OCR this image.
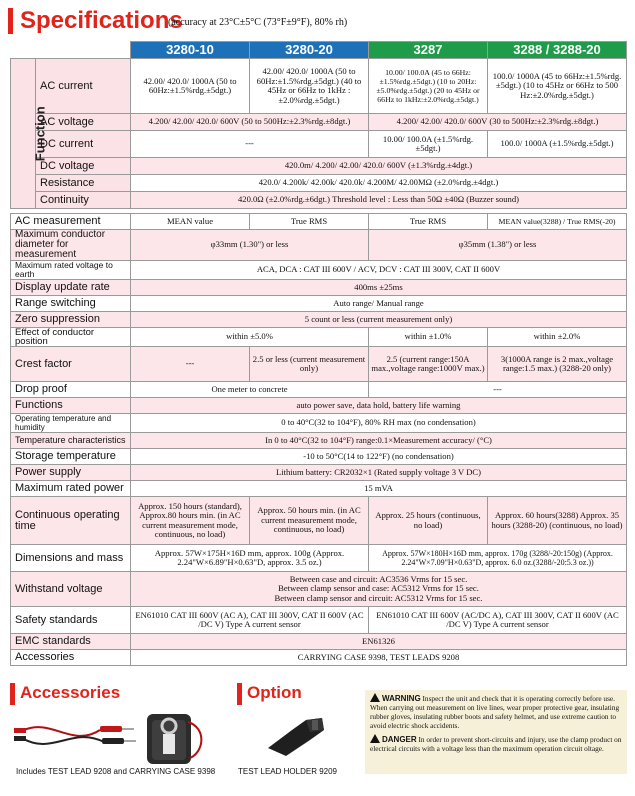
Specifications
(accuracy at 23°C±5°C (73°F±9°F), 80% rh)
		3280-10	3280-20	3287	3288 / 3288-20
Function	AC current	42.00/ 420.0/ 1000A (50 to 60Hz:±1.5%rdg.±5dgt.)	42.00/ 420.0/ 1000A (50 to 60Hz:±1.5%rdg.±5dgt.) (40 to 45Hz or 66Hz to 1kHz :±2.0%rdg.±5dgt.)	10.00/ 100.0A (45 to 66Hz:±1.5%rdg.±5dgt.) (10 to 20Hz:±5.0%rdg.±5dgt.) (20 to 45Hz or 66Hz to 1kHz:±2.0%rdg.±5dgt.)	100.0/ 1000A (45 to 66Hz:±1.5%rdg.±5dgt.) (10 to 45Hz or 66Hz to 500 Hz:±2.0%rdg.±5dgt.)
	AC voltage	4.200/ 42.00/ 420.0/ 600V (50 to 500Hz:±2.3%rdg.±8dgt.)		4.200/ 42.00/ 420.0/ 600V (30 to 500Hz:±2.3%rdg.±8dgt.)	
	DC current	---		10.00/ 100.0A (±1.5%rdg.±5dgt.)	100.0/ 1000A (±1.5%rdg.±5dgt.)
	DC voltage	420.0m/ 4.200/ 42.00/ 420.0/ 600V (±1.3%rdg.±4dgt.)			
	Resistance	420.0/ 4.200k/ 42.00k/ 420.0k/ 4.200M/ 42.00MΩ (±2.0%rdg.±4dgt.)			
	Continuity	420.0Ω (±2.0%rdg.±6dgt.) Threshold level : Less than 50Ω ±40Ω (Buzzer sound)			
AC measurement	MEAN value	True RMS	True RMS	MEAN value(3288) / True RMS(-20)
Maximum conductor diameter for measurement	φ33mm (1.30") or less		φ35mm (1.38") or less	
Maximum rated voltage to earth	ACA, DCA : CAT III 600V / ACV, DCV : CAT III 300V, CAT II 600V			
Display update rate	400ms ±25ms			
Range switching	Auto range/ Manual range			
Zero suppression	5 count or less (current measurement only)			
Effect of conductor position	within ±5.0%		within ±1.0%	within ±2.0%
Crest factor	---	2.5 or less (current measurement only)	2.5 (current range:150A max.,voltage range:1000V max.)	3(1000A range is 2 max.,voltage range:1.5 max.) (3288-20 only)
Drop proof	One meter to concrete		---	
Functions	auto power save, data hold, battery life warning			
Operating temperature and humidity	0 to 40°C(32 to 104°F), 80% RH max (no condensation)			
Temperature characteristics	In 0 to 40°C(32 to 104°F) range:0.1×Measurement accuracy/ (°C)			
Storage temperature	-10 to 50°C(14 to 122°F) (no condensation)			
Power supply	Lithium battery: CR2032×1 (Rated supply voltage 3 V DC)			
Maximum rated power	15 mVA			
Continuous operating time	Approx. 150 hours (standard), Approx.80 hours min. (in AC current measurement mode, continuous, no load)	Approx. 50 hours min. (in AC current measurement mode, continuous, no load)	Approx. 25 hours (continuous, no load)	Approx. 60 hours(3288) Approx. 35 hours (3288-20) (continuous, no load)
Dimensions and mass	Approx. 57W×175H×16D mm, approx. 100g (Approx. 2.24"W×6.89"H×0.63"D, approx. 3.5 oz.)		Approx. 57W×180H×16D mm, approx. 170g (3288/-20:150g) (Approx. 2.24"W×7.09"H×0.63"D, approx. 6.0 oz.(3288/-20:5.3 oz.))	
Withstand voltage	Between case and circuit: AC3536 Vrms for 15 sec.
Between clamp sensor and case: AC5312 Vrms for 15 sec.
Between clamp sensor and circuit: AC5312 Vrms for 15 sec.			

Safety standards	EN61010 CAT III 600V (AC A), CAT III 300V, CAT II 600V (AC /DC V) Type A current sensor		EN61010 CAT III 600V (AC/DC A), CAT III 300V, CAT II 600V (AC /DC V) Type A current sensor	
EMC standards	EN61326			
Accessories	CARRYING CASE 9398, TEST LEADS 9208			
Accessories
Includes TEST LEAD 9208 and CARRYING CASE 9398
Option
TEST LEAD HOLDER 9209
WARNING Inspect the unit and check that it is operating correctly before use. When carrying out measurement on live lines, wear proper protective gear, insulating rubber gloves, insulating rubber boots and safety helmet, and use extreme caution to avoid electric shock accidents.
DANGER In order to prevent short-circuits and injury, use the clamp product on electrical circuits with a voltage less than the maximum operation circuit oltage.
